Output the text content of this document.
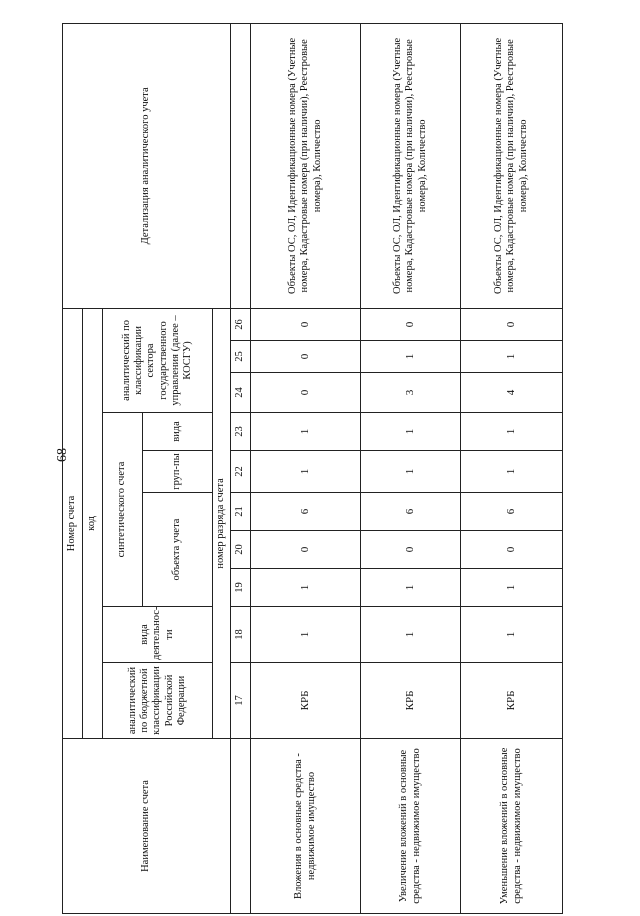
68
Наименование счета	Номер счета										Детализация аналитического учета
	код										
	аналитический по бюджетной классификации Российской Федерации	вида деятельнос-ти	синтетического счета					аналитический по классификации сектора государственного управления (далее – КОСГУ)			
			объекта учета			груп-пы	вида				
	номер разряда счета										
	17	18	19	20	21	22	23	24	25	26	
Вложения в основные средства - недвижимое имущество	КРБ	1	1	0	6	1	1	0	0	0	Объекты ОС, ОЛ, Идентификационные номера (Учетные номера, Кадастровые номера (при наличии), Реестровые номера), Количество
Увеличение вложений в основные средства - недвижимое имущество	КРБ	1	1	0	6	1	1	3	1	0	Объекты ОС, ОЛ, Идентификационные номера (Учетные номера, Кадастровые номера (при наличии), Реестровые номера), Количество
Уменьшение вложений в основные средства - недвижимое имущество	КРБ	1	1	0	6	1	1	4	1	0	Объекты ОС, ОЛ, Идентификационные номера (Учетные номера, Кадастровые номера (при наличии), Реестровые номера), Количество
